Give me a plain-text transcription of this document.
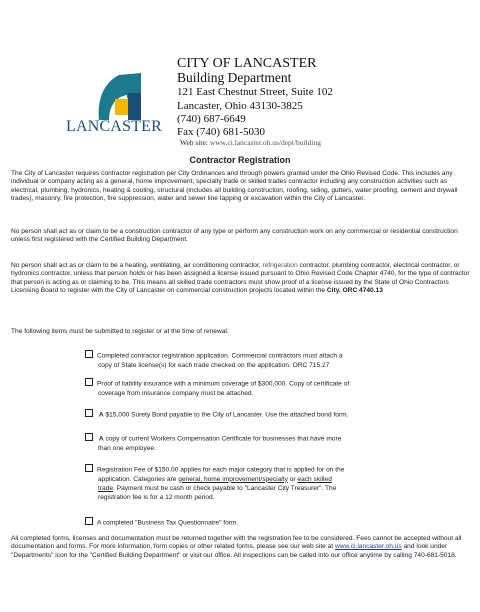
LANCASTER
CITY OF LANCASTER
Building Department
121 East Chestnut Street, Suite 102
Lancaster, Ohio 43130-3825
(740) 687-6649
Fax (740) 681-5030
Web site: www.ci.lancaster.oh.us/dept/building
Contractor Registration
The City of Lancaster requires contractor registration per City Ordinances and through powers granted under the Ohio Revised Code. This includes any individual or company acting as a general, home improvement, specialty trade or skilled trades contractor including any construction activities such as electrical, plumbing, hydronics, heating & cooling, structural (includes all building construction, roofing, siding, gutters, water proofing, cement and drywall trades), masonry, fire protection, fire suppression, water and sewer line tapping or excavation within the City of Lancaster.
No person shall act as or claim to be a construction contractor of any type or perform any construction work on any commercial or residential construction unless first registered with the Certified Building Department.
No person shall act as or claim to be a heating, ventilating, air conditioning contractor, refrigeration contractor, plumbing contractor, electrical contractor, or hydronics contractor, unless that person holds or has been assigned a license issued pursuant to Ohio Revised Code Chapter 4740, for the type of contractor that person is acting as or claiming to be. This means all skilled trade contractors must show proof of a license issued by the State of Ohio Contractors Licensing Board to register with the City of Lancaster on commercial construction projects located within the City. ORC 4740.13
The following items must be submitted to register or at the time of renewal:
Completed contractor registration application. Commercial contractors must attach a
copy of State license(s) for each trade checked on the application. ORC 715.27
Proof of liability insurance with a minimum coverage of $300,000. Copy of certificate of
coverage from insurance company must be attached.
A $15,000 Surety Bond payable to the City of Lancaster. Use the attached bond form.
A copy of current Workers Compensation Certificate for businesses that have more
than one employee.
Registration Fee of $150.00 applies for each major category that is applied for on the
application. Categories are general, home improvement/specialty or each skilled
trade. Payment must be cash or check payable to "Lancaster City Treasurer". The
registration fee is for a 12 month period.
A completed "Business Tax Questionnaire" form.
All completed forms, licenses and documentation must be returned together with the registration fee to be considered. Fees cannot be accepted without all documentation and forms. For more information, form copies or other related forms, please see our web site at www.ci.lancaster.oh.us and look under "Departments" icon for the "Certified Building Department" or visit our office. All inspections can be called into our office anytime by calling 740-681-5018.
